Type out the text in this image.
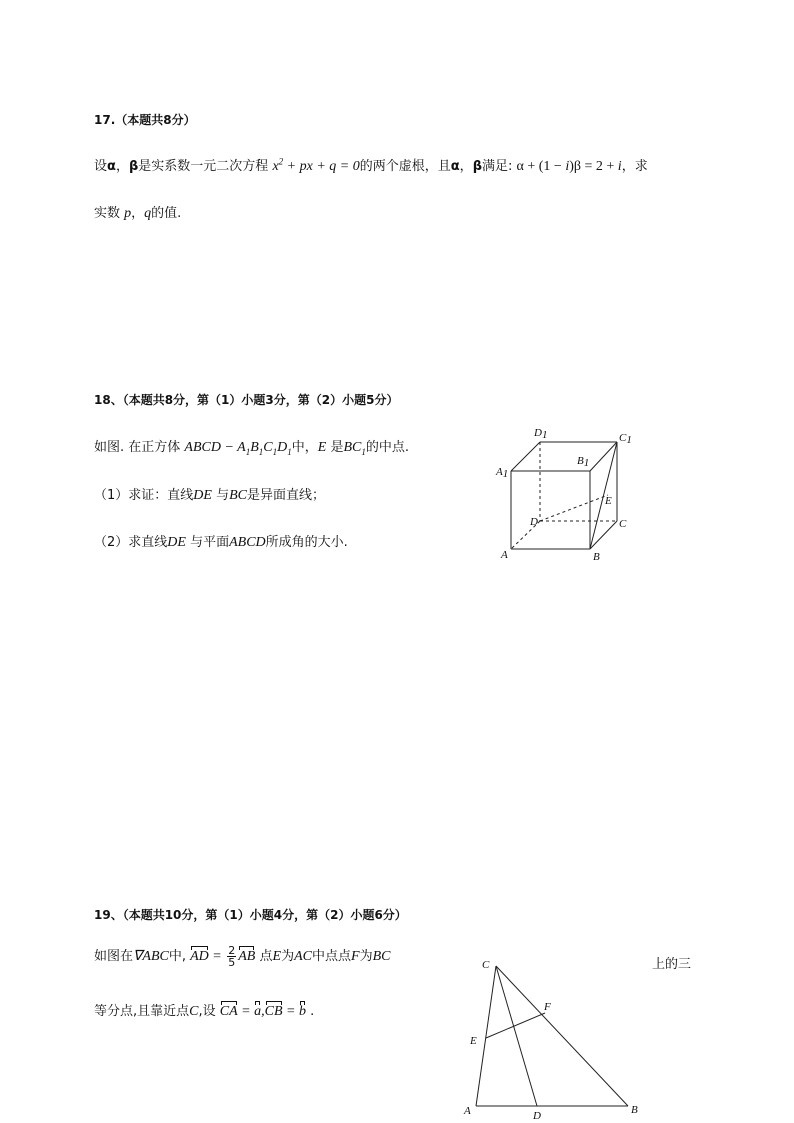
17.（本题共8分）
设α，β是实系数一元二次方程 $x^2$ + px + q = 0的两个虚根，且α，β满足: α + (1 − i)β = 2 + i，求
实数 p，q的值.
18、（本题共8分，第（1）小题3分，第（2）小题5分）
如图. 在正方体 ABCD − $A_1B_1C_1D_1$中，E 是$BC_1$的中点.
（1）求证：直线DE 与BC是异面直线；
（2）求直线DE 与平面ABCD所成角的大小.
D1	C1
B1
A1
E
D	C
A	B
19、（本题共10分，第（1）小题4分，第（2）小题6分）
如图在∇ABC中, AD = $\frac{2}{5}$ AB 点E为AC中点点F为BC
上的三
等分点,且靠近点C,设 CA = a,CB = b .
C
F
E
A	D	B
